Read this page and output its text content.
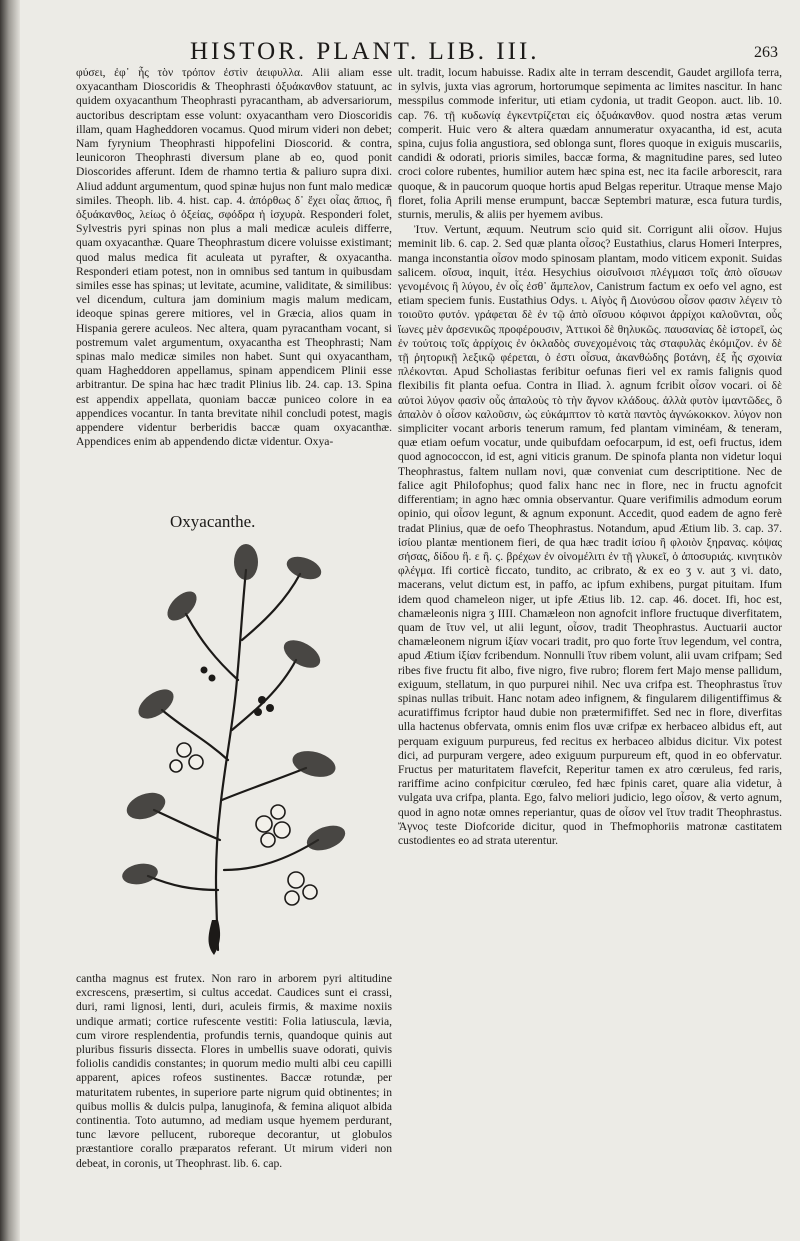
HISTOR. PLANT. LIB. III.	263

φύσει, ἐφ᾽ ἧς τὸν τρόπον ἐστὶν ἀειφυλλα. Alii aliam esse oxyacantham Dioscoridis & Theophrasti ὀξυάκανθον statuunt, ac quidem oxyacanthum Theophrasti pyracantham, ab adversariorum, auctoribus descriptam esse volunt: oxyacantham vero Dioscoridis illam, quam Hagheddoren vocamus. Quod mirum videri non debet; Nam fyrynium Theophrasti hippofelini Dioscorid. & contra, leunicoron Theophrasti diversum plane ab eo, quod ponit Dioscorides afferunt. Idem de rhamno tertia & paliuro supra dixi. Aliud addunt argumentum, quod spinæ hujus non funt malo medicæ similes. Theoph. lib. 4. hist. cap. 4. ἀπόρθως δ᾽ ἔχει οἷας ἄπιος, ἢ ὀξυάκανθος, λείως ὁ ὀξείας, σφόδρα ἡ ἰσχυρὰ. Responderi folet, Sylvestris pyri spinas non plus a mali medicæ aculeis differre, quam oxyacanthæ. Quare Theophrastum dicere voluisse existimant; quod malus medica fit aculeata ut pyrafter, & oxyacantha. Responderi etiam potest, non in omnibus sed tantum in quibusdam similes esse has spinas; ut levitate, acumine, validitate, & similibus: vel dicendum, cultura jam dominium magis malum medicam, ideoque spinas gerere mitiores, vel in Græcia, alios quam in Hispania gerere aculeos. Nec altera, quam pyracantham vocant, si postremum valet argumentum, oxyacantha est Theophrasti; Nam spinas malo medicæ similes non habet. Sunt qui oxyacantham, quam Hagheddoren appellamus, spinam appendicem Plinii esse arbitrantur. De spina hac hæc tradit Plinius lib. 24. cap. 13. Spina est appendix appellata, quoniam baccæ puniceo colore in ea appendices vocantur. In tanta brevitate nihil concludi potest, magis appendere videntur berberidis baccæ quam oxyacanthæ. Appendices enim ab appendendo dictæ videntur. Oxya-

Oxyacanthe.

cantha magnus est frutex. Non raro in arborem pyri altitudine excrescens, præsertim, si cultus accedat. Caudices sunt ei crassi, duri, rami lignosi, lenti, duri, aculeis firmis, & maxime noxiis undique armati; cortice rufescente vestiti: Folia latiuscula, lævia, cum virore resplendentia, profundis ternis, quandoque quinis aut pluribus fissuris dissecta. Flores in umbellis suave odorati, quivis foliolis candidis constantes; in quorum medio multi albi ceu capilli apparent, apices rofeos sustinentes. Baccæ rotundæ, per maturitatem rubentes, in superiore parte nigrum quid obtinentes; in quibus mollis & dulcis pulpa, lanuginofa, & femina aliquot albida continentia. Toto autumno, ad mediam usque hyemem perdurant, tunc lævore pellucent, ruboreque decorantur, ut globulos præstantiore corallo præparatos referant. Ut mirum videri non debeat, in coronis, ut Theophrast. lib. 6. cap.

ult. tradit, locum habuisse. Radix alte in terram descendit, Gaudet argillofa terra, in sylvis, juxta vias agrorum, hortorumque sepimenta ac limites nascitur. In hanc messpilus commode inferitur, uti etiam cydonia, ut tradit Geopon. auct. lib. 10. cap. 76. τῇ κυδωνίᾳ ἐγκεντρίζεται εἰς ὀξυάκανθον. quod nostra ætas verum comperit. Huic vero & altera quædam annumeratur oxyacantha, id est, acuta spina, cujus folia angustiora, sed oblonga sunt, flores quoque in exiguis muscariis, candidi & odorati, prioris similes, baccæ forma, & magnitudine pares, sed luteo croci colore rubentes, humilior autem hæc spina est, nec ita facile arborescit, rara quoque, & in paucorum quoque hortis apud Belgas reperitur. Utraque mense Majo floret, folia Aprili mense erumpunt, baccæ Septembri maturæ, esca futura turdis, sturnis, merulis, & aliis per hyemem avibus.

Ἰτυν. Vertunt, æquum. Neutrum scio quid sit. Corrigunt alii οἶσον. Hujus meminit lib. 6. cap. 2. Sed quæ planta οἶσος? Eustathius, clarus Homeri Interpres, manga inconstantia οἶσον modo spinosam plantam, modo viticem exponit. Suidas salicem. οἴσυα, inquit, ἰτέα. Hesychius οἰσυΐνοισι πλέγμασι τοῖς ἀπὸ οἴσυων γενομένοις ἢ λύγου, ἐν οἷς ἐσθ᾽ ἄμπελον, Canistrum factum ex oefo vel agno, est etiam speciem funis. Eustathius Odys. ι. Αἰγὸς ἢ Διονύσου οἶσον φασιν λέγειν τὸ τοιοῦτο φυτόν. γράφεται δὲ ἐν τῷ ἀπὸ οἴσυου κόφινοι ἀρρίχοι καλοῦνται, οὗς ἴωνες μὲν ἀρσενικῶς προφέρουσιν, Ἀττικοὶ δὲ θηλυκῶς. παυσανίας δὲ ἱστορεῖ, ὡς ἐν τούτοις τοῖς ἀρρίχοις ἐν ὀκλαδὸς συνεχομένοις τὰς σταφυλὰς ἐκόμιζον. ἐν δὲ τῇ ῥητορικῇ λεξικῷ φέρεται, ὁ ἐστι οἶσυα, ἀκανθώδης βοτάνη, ἐξ ἧς σχοινία πλέκονται. Apud Scholiastas feribitur oefunas fieri vel ex ramis falignis quod flexibilis fit planta oefua. Contra in Iliad. λ. agnum fcribit οἶσον vocari. οἱ δὲ αὐτοὶ λύγον φασὶν οὗς ἀπαλοὺς τὸ τὴν ἄγνον κλάδους. ἀλλὰ φυτὸν ἱμαντῶδες, ὃ ἀπαλὸν ὁ οἶσον καλοῦσιν, ὡς εὐκάμπτον τὸ κατὰ παντὸς ἀγνώκοκκον. λύγον non simpliciter vocant arboris tenerum ramum, fed plantam viminéam, & teneram, quæ etiam oefum vocatur, unde quibufdam oefocarpum, id est, oefi fructus, idem quod agnococcon, id est, agni viticis granum. De spinofa planta non videtur loqui Theophrastus, faltem nullam novi, quæ conveniat cum descriptitione. Nec de falice agit Philofophus; quod falix hanc nec in flore, nec in fructu agnofcit differentiam; in agno hæc omnia observantur. Quare verifimilis admodum eorum opinio, qui οἶσον legunt, & agnum exponunt. Accedit, quod eadem de agno ferè tradat Plinius, quæ de oefo Theophrastus. Notandum, apud Ætium lib. 3. cap. 37. ἰσίου plantæ mentionem fieri, de qua hæc tradit ἰσίου ἢ φλοιὸν ξηρανας. κόψας σήσας, δίδου ἢ. ε ἢ. ϛ. βρέχων ἐν οἰνομέλιτι ἐν τῇ γλυκεῖ, ὁ ἀποσυριάς. κινητικὸν φλέγμα. Ifi corticè ficcato, tundito, ac cribrato, & ex eo ʒ v. aut ʒ vi. dato, macerans, velut dictum est, in paffo, ac ipfum exhibens, purgat pituitam. Ifum idem quod chameleon niger, ut ipfe Ætius lib. 12. cap. 46. docet. Ifi, hoc est, chamæleonis nigra ʒ IIII. Chamæleon non agnofcit inflore fructuque diverfitatem, quam de ἴτυν vel, ut alii legunt, οἶσον, tradit Theophrastus. Auctuarii auctor chamæleonem nigrum ἰξίαν vocari tradit, pro quo forte ἴτυν legendum, vel contra, apud Ætium ἰξίαν fcribendum. Nonnulli ἴτυν ribem volunt, alii uvam crifpam; Sed ribes five fructu fit albo, five nigro, five rubro; florem fert Majo mense pallidum, exiguum, stellatum, in quo purpurei nihil. Nec uva crifpa est. Theophrastus ἴτυν spinas nullas tribuit. Hanc notam adeo infignem, & fingularem diligentiffimus & acuratiffimus fcriptor haud dubie non prætermififfet. Sed nec in flore, diverfitas ulla hactenus obfervata, omnis enim flos uvæ crifpæ ex herbaceo albidus eft, aut perquam exiguum purpureus, fed recitus ex herbaceo albidus dicitur. Vix potest dici, ad purpuram vergere, adeo exiguum purpureum eft, quod in eo obfervatur. Fructus per maturitatem flavefcit, Reperitur tamen ex atro cœruleus, fed raris, rariffime acino confpicitur cœruleo, fed hæc fpinis caret, quare alia videtur, à vulgata uva crifpa, planta. Ego, falvo meliori judicio, lego οἶσον, & verto agnum, quod in agno notæ omnes reperiantur, quas de οἶσον vel ἴτυν tradit Theophrastus. Ἄγνος teste Diofcoride dicitur, quod in Thefmophoriis matronæ castitatem custodientes eo ad strata uterentur.
